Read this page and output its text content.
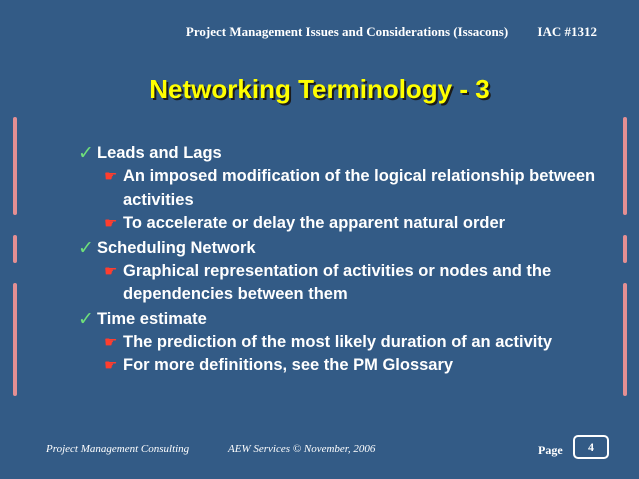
Project Management Issues and Considerations (Issacons) IAC #1312
Networking Terminology - 3
✓ Leads and Lags
☛ An imposed modification of the logical relationship between activities
☛ To accelerate or delay the apparent natural order
✓ Scheduling Network
☛ Graphical representation of activities or nodes and the dependencies between them
✓ Time estimate
☛ The prediction of the most likely duration of an activity
☛ For more definitions, see the PM Glossary
Project Management Consulting	AEW Services © November, 2006	Page	4
